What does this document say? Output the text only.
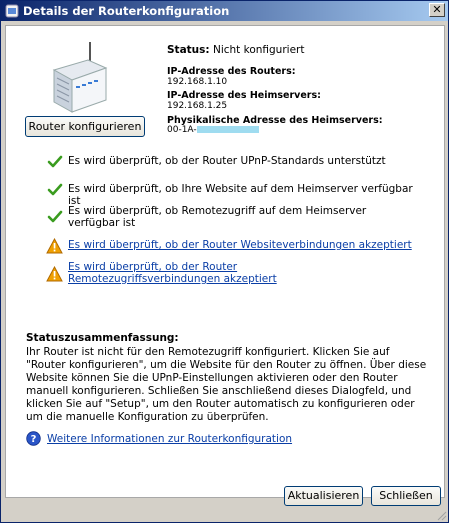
Details der Routerkonfiguration	✕
Router konfigurieren
Status: Nicht konfiguriert
IP-Adresse des Routers:
192.168.1.10
IP-Adresse des Heimservers:
192.168.1.25
Physikalische Adresse des Heimservers:
00-1A-
Es wird überprüft, ob der Router UPnP-Standards unterstützt
Es wird überprüft, ob Ihre Website auf dem Heimserver verfügbar ist
Es wird überprüft, ob Remotezugriff auf dem Heimserver verfügbar ist
Es wird überprüft, ob der Router Websiteverbindungen akzeptiert
Es wird überprüft, ob der Router Remotezugriffsverbindungen akzeptiert
Statuszusammenfassung:
Ihr Router ist nicht für den Remotezugriff konfiguriert. Klicken Sie auf "Router konfigurieren", um die Website für den Router zu öffnen. Über diese Website können Sie die UPnP-Einstellungen aktivieren oder den Router manuell konfigurieren. Schließen Sie anschließend dieses Dialogfeld, und klicken Sie auf "Setup", um den Router automatisch zu konfigurieren oder um die manuelle Konfiguration zu überprüfen.
? Weitere Informationen zur Routerkonfiguration
Aktualisieren	Schließen
